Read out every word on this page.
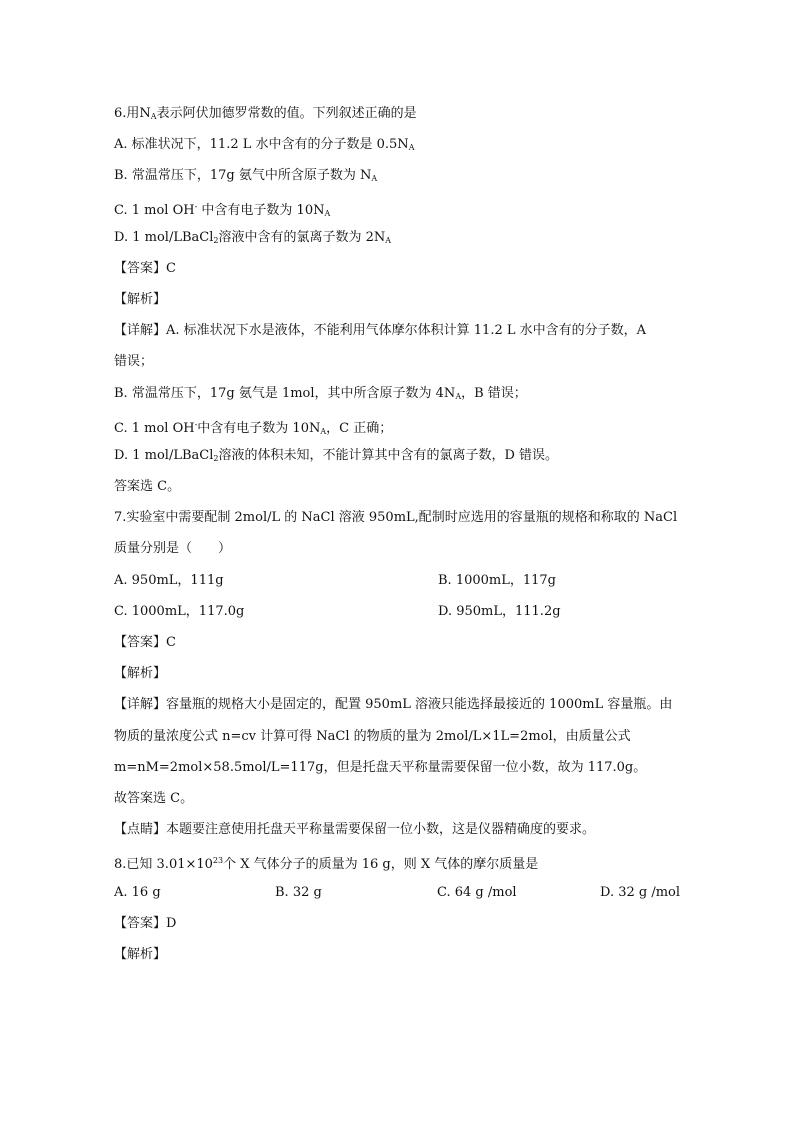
6.用$N_A$表示阿伏加德罗常数的值。下列叙述正确的是
A. 标准状况下，11.2 L 水中含有的分子数是 $0.5N_A$
B. 常温常压下，17g 氨气中所含原子数为 $N_A$
C. 1 mol OH- 中含有电子数为 $10N_A$
D. 1 mol/LBaCl$_2$溶液中含有的氯离子数为 $2N_A$
【答案】C
【解析】
【详解】A. 标准状况下水是液体，不能利用气体摩尔体积计算 11.2 L 水中含有的分子数，A
错误；
B. 常温常压下，17g 氨气是 1mol，其中所含原子数为 $4N_A$，B 错误；
C. 1 mol OH-中含有电子数为 $10N_A$，C 正确；
D. 1 mol/LBaCl$_2$溶液的体积未知，不能计算其中含有的氯离子数，D 错误。
答案选 C。
7.实验室中需要配制 2mol/L 的 NaCl 溶液 950mL,配制时应选用的容量瓶的规格和称取的 NaCl
质量分别是（　　）
A. 950mL，111g	B. 1000mL，117g
C. 1000mL，117.0g	D. 950mL，111.2g
【答案】C
【解析】
【详解】容量瓶的规格大小是固定的，配置 950mL 溶液只能选择最接近的 1000mL 容量瓶。由
物质的量浓度公式 n=cv 计算可得 NaCl 的物质的量为 2mol/L×1L=2mol，由质量公式
m=nM=2mol×58.5mol/L=117g，但是托盘天平称量需要保留一位小数，故为 117.0g。
故答案选 C。
【点睛】本题要注意使用托盘天平称量需要保留一位小数，这是仪器精确度的要求。
8.已知 $3.01\times 10^{23}$个 X 气体分子的质量为 16 g，则 X 气体的摩尔质量是
A. 16 g	B. 32 g	C. 64 g /mol	D. 32 g /mol
【答案】D
【解析】
